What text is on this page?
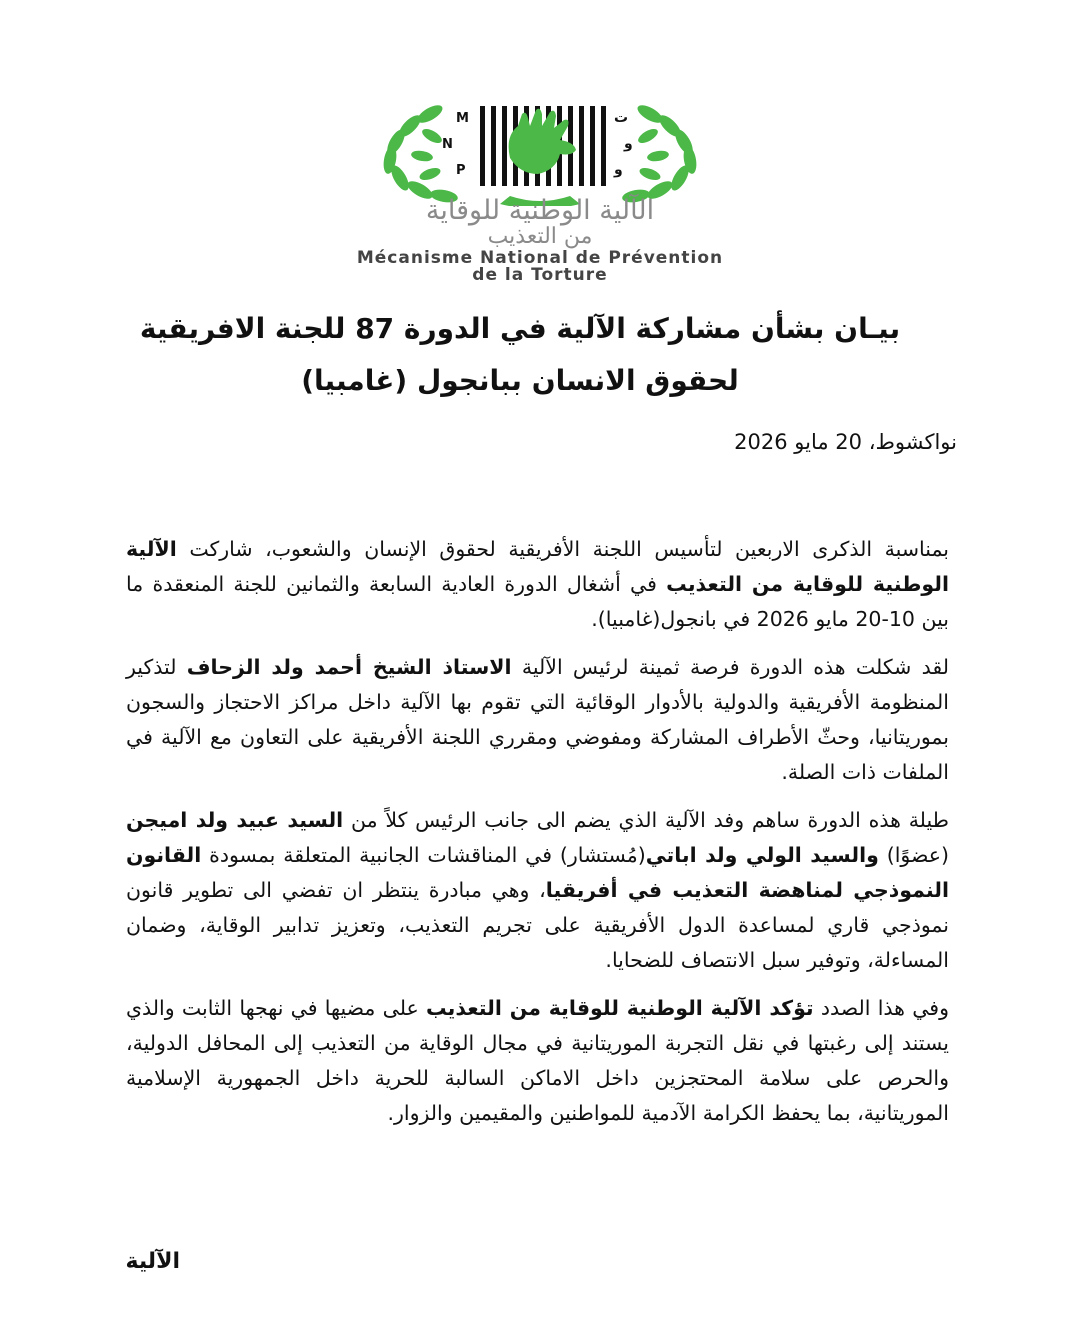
M
N
P
ت
و
و
الآلية الوطنية للوقاية
من التعذيب
Mécanisme National de Prévention
de la Torture
بيـان بشأن مشاركة الآلية في الدورة 87 للجنة الافريقية
لحقوق الانسان ببانجول (غامبيا)
نواكشوط، 20 مايو 2026

بمناسبة الذكرى الاربعين لتأسيس اللجنة الأفريقية لحقوق الإنسان والشعوب، شاركت الآلية الوطنية للوقاية من التعذيب في أشغال الدورة العادية السابعة والثمانين للجنة المنعقدة ما بين 10-20 مايو 2026 في بانجول(غامبيا).

لقد شكلت هذه الدورة فرصة ثمينة لرئيس الآلية الاستاذ الشيخ أحمد ولد الزحاف لتذكير المنظومة الأفريقية والدولية بالأدوار الوقائية التي تقوم بها الآلية داخل مراكز الاحتجاز والسجون بموريتانيا، وحثّ الأطراف المشاركة ومفوضي ومقرري اللجنة الأفريقية على التعاون مع الآلية في الملفات ذات الصلة.

طيلة هذه الدورة ساهم وفد الآلية الذي يضم الى جانب الرئيس كلاً من السيد عبيد ولد اميجن (عضوًا) والسيد الولي ولد اباتي(مُستشار) في المناقشات الجانبية المتعلقة بمسودة القانون النموذجي لمناهضة التعذيب في أفريقيا، وهي مبادرة ينتظر ان تفضي الى تطوير قانون نموذجي قاري لمساعدة الدول الأفريقية على تجريم التعذيب، وتعزيز تدابير الوقاية، وضمان المساءلة، وتوفير سبل الانتصاف للضحايا.

وفي هذا الصدد تؤكد الآلية الوطنية للوقاية من التعذيب على مضيها في نهجها الثابت والذي يستند إلى رغبتها في نقل التجربة الموريتانية في مجال الوقاية من التعذيب إلى المحافل الدولية، والحرص على سلامة المحتجزين داخل الاماكن السالبة للحرية داخل الجمهورية الإسلامية الموريتانية، بما يحفظ الكرامة الآدمية للمواطنين والمقيمين والزوار.

الآلية
